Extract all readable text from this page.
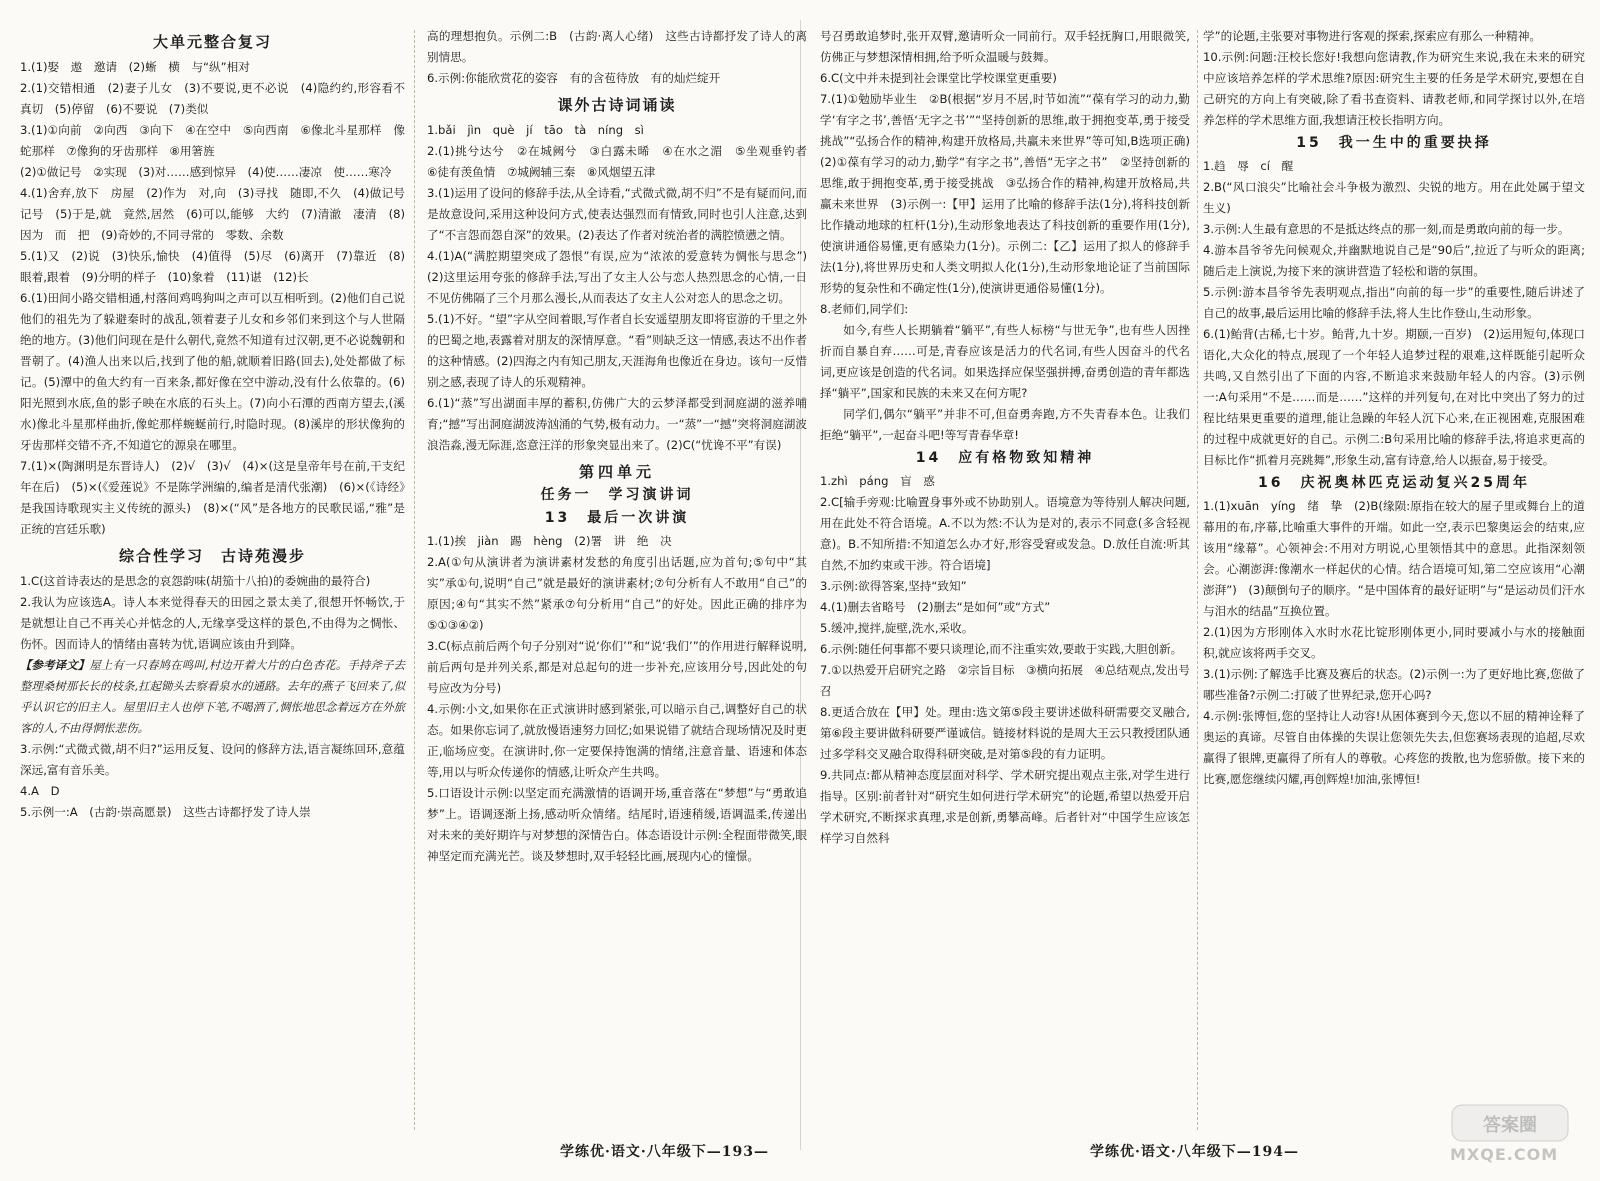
大单元整合复习

1.(1)娶　遨　邀请　(2)蜥　横　与“纵”相对

2.(1)交错相通　(2)妻子儿女　(3)不要说,更不必说　(4)隐约约,形容看不真切　(5)停留　(6)不要说　(7)类似

3.(1)①向前　②向西　③向下　④在空中　⑤向西南　⑥像北斗星那样　像蛇那样　⑦像狗的牙齿那样　⑧用箸旌

(2)①做记号　②实现　(3)对……感到惊异　(4)使……凄凉　使……寒冷

4.(1)舍弃,放下　房屋　(2)作为　对,向　(3)寻找　随即,不久　(4)做记号　记号　(5)于是,就　竟然,居然　(6)可以,能够　大约　(7)清澈　凄清　(8)因为　而　把　(9)奇妙的,不同寻常的　零数、余数

5.(1)又　(2)说　(3)快乐,愉快　(4)值得　(5)尽　(6)离开　(7)靠近　(8)眼着,跟着　(9)分明的样子　(10)象着　(11)谌　(12)长

6.(1)田间小路交错相通,村落间鸡鸣狗叫之声可以互相听到。(2)他们自己说他们的祖先为了躲避秦时的战乱,领着妻子儿女和乡邻们来到这个与人世隔绝的地方。(3)他们问现在是什么朝代,竟然不知道有过汉朝,更不必说魏朝和晋朝了。(4)渔人出来以后,找到了他的船,就顺着旧路(回去),处处都做了标记。(5)潭中的鱼大约有一百来条,都好像在空中游动,没有什么依靠的。(6)阳光照到水底,鱼的影子映在水底的石头上。(7)向小石潭的西南方望去,(溪水)像北斗星那样曲折,像蛇那样蜿蜒前行,时隐时现。(8)溪岸的形状像狗的牙齿那样交错不齐,不知道它的源泉在哪里。

7.(1)×(陶渊明是东晋诗人)　(2)√　(3)√　(4)×(这是皇帝年号在前,干支纪年在后)　(5)×(《爱莲说》不是陈学洲编的,编者是清代张潮)　(6)×(《诗经》是我国诗歌现实主义传统的源头)　(8)×(“风”是各地方的民歌民谣,“雅”是正统的宫廷乐歌)

综合性学习　古诗苑漫步

1.C(这首诗表达的是思念的哀怨韵味(胡笳十八拍)的委婉曲的最符合)

2.我认为应该选A。诗人本来觉得春天的田园之景太美了,很想开怀畅饮,于是就想让自己不再关心并惦念的人,无缘享受这样的景色,不由得为之惆怅、伤怀。因而诗人的情绪由喜转为忧,语调应该由升到降。

【参考译文】屋上有一只春鸠在鸣叫,村边开着大片的白色杏花。手持斧子去整理桑树那长长的枝条,扛起锄头去察看泉水的通路。去年的燕子飞回来了,似乎认识它的旧主人。屋里旧主人也停下笔,不喝酒了,惆怅地思念着远方在外旅客的人,不由得惘怅悲伤。

3.示例:“式微式微,胡不归?”运用反复、设问的修辞方法,语言凝练回环,意蕴深远,富有音乐美。

4.A　D

5.示例一:A　(古韵·崇高愿景)　这些古诗都抒发了诗人崇

高的理想抱负。示例二:B　(古韵·离人心绪)　这些古诗都抒发了诗人的离别情思。

6.示例:你能欣赏花的姿容　有的含苞待放　有的灿烂绽开

课外古诗词诵读

1.bǎi　jìn　què　jí　tāo　tà　níng　sì

2.(1)挑兮达兮　②在城阙兮　③白露未晞　④在水之湄　⑤坐观垂钓者　⑥徒有羡鱼情　⑦城阙辅三秦　⑧风烟望五津

3.(1)运用了设问的修辞手法,从全诗看,“式微式微,胡不归”不是有疑而问,而是故意设问,采用这种设问方式,使表达强烈而有情致,同时也引人注意,达到了“不言怨而怨自深”的效果。(2)表达了作者对统治者的满腔愤懑之情。

4.(1)A(“满腔期望突成了怨恨”有误,应为“浓浓的爱意转为惆怅与思念”)　(2)这里运用夸张的修辞手法,写出了女主人公与恋人热烈思念的心情,一日不见仿佛隔了三个月那么漫长,从而表达了女主人公对恋人的思念之切。

5.(1)不好。“望”字从空间着眼,写作者自长安遥望朋友即将宦游的千里之外的巴蜀之地,表露着对朋友的深情厚意。“看”则缺乏这一情感,表达不出作者的这种情感。(2)四海之内有知己朋友,天涯海角也像近在身边。该句一反惜别之感,表现了诗人的乐观精神。

6.(1)“蒸”写出湖面丰厚的蓄积,仿佛广大的云梦泽都受到洞庭湖的滋养哺育;“撼”写出洞庭湖波涛汹涌的气势,极有动力。一“蒸”一“撼”突将洞庭湖波浪浩淼,漫无际涯,恣意汪洋的形象突显出来了。(2)C(“忧谗不平”有误)

第四单元
任务一　学习演讲词
13　最后一次讲演

1.(1)挨　jiàn　踢　hèng　(2)署　讲　绝　决

2.A(①句从演讲者为演讲素材发愁的角度引出话题,应为首句;⑤句中“其实”承①句,说明“自己”就是最好的演讲素材;⑦句分析有人不敢用“自己”的原因;④句“其实不然”紧承⑦句分析用“自己”的好处。因此正确的排序为⑤①③④②)

3.C(标点前后两个句子分别对“说‘你们’”和“说‘我们’”的作用进行解释说明,前后两句是并列关系,都是对总起句的进一步补充,应该用分号,因此处的句号应改为分号)

4.示例:小文,如果你在正式演讲时感到紧张,可以暗示自己,调整好自己的状态。如果你忘词了,就放慢语速努力回忆;如果说错了就结合现场情况及时更正,临场应变。在演讲时,你一定要保持饱满的情绪,注意音量、语速和体态等,用以与听众传递你的情感,让听众产生共鸣。

5.口语设计示例:以坚定而充满激情的语调开场,重音落在“梦想”与“勇敢追梦”上。语调逐渐上扬,感动听众情绪。结尾时,语速稍缓,语调温柔,传递出对未来的美好期许与对梦想的深情告白。体态语设计示例:全程面带微笑,眼神坚定而充满光芒。谈及梦想时,双手轻轻比画,展现内心的憧憬。

号召勇敢追梦时,张开双臂,邀请听众一同前行。双手轻抚胸口,用眼微笑,仿佛正与梦想深情相拥,给予听众温暖与鼓舞。

6.C(文中并未提到社会课堂比学校课堂更重要)

7.(1)①勉励毕业生　②B(根据“岁月不居,时节如流”“葆有学习的动力,勤学‘有字之书’,善悟‘无字之书’”“坚持创新的思维,敢于拥抱变革,勇于接受挑战”“弘扬合作的精神,构建开放格局,共赢未来世界”等可知,B选项正确)　(2)①葆有学习的动力,勤学“有字之书”,善悟“无字之书”　②坚持创新的思维,敢于拥抱变革,勇于接受挑战　③弘扬合作的精神,构建开放格局,共赢未来世界　(3)示例一:【甲】运用了比喻的修辞手法(1分),将科技创新比作撬动地球的杠杆(1分),生动形象地表达了科技创新的重要作用(1分),使演讲通俗易懂,更有感染力(1分)。示例二:【乙】运用了拟人的修辞手法(1分),将世界历史和人类文明拟人化(1分),生动形象地论证了当前国际形势的复杂性和不确定性(1分),使演讲更通俗易懂(1分)。

8.老师们,同学们:

如今,有些人长期躺着“躺平”,有些人标榜“与世无争”,也有些人因挫折而自暴自弃……可是,青春应该是活力的代名词,有些人因奋斗的代名词,更应该是创造的代名词。如果选择应保坚强拼搏,奋勇创造的青年都选择“躺平”,国家和民族的未来又在何方呢?

同学们,偶尔“躺平”并非不可,但奋勇奔跑,方不失青春本色。让我们拒绝“躺平”,一起奋斗吧!等写青春华章!

14　应有格物致知精神

1.zhì　páng　盲　惑

2.C[输手旁观:比喻置身事外或不协助别人。语境意为等待别人解决问题,用在此处不符合语境。A.不以为然:不认为是对的,表示不同意(多含轻视意)。B.不知所措:不知道怎么办才好,形容受窘或发急。D.放任自流:听其自然,不加约束或干涉。符合语境]

3.示例:欲得答案,坚持“致知”

4.(1)删去省略号　(2)删去“是如何”或“方式”

5.缓冲,搅拌,旋壁,洗水,采收。

6.示例:随任何事都不要只谈理论,而不注重实效,要敢于实践,大胆创新。

7.①以热爱开启研究之路　②宗旨目标　③横向拓展　④总结观点,发出号召

8.更适合放在【甲】处。理由:选文第⑤段主要讲述做科研需要交叉融合,第⑥段主要讲做科研要严谨诚信。链接材料说的是周大王云只教授团队通过多学科交叉融合取得科研突破,是对第⑤段的有力证明。

9.共同点:都从精神态度层面对科学、学术研究提出观点主张,对学生进行指导。区别:前者针对“研究生如何进行学术研究”的论题,希望以热爱开启学术研究,不断探求真理,求是创新,勇攀高峰。后者针对“中国学生应该怎样学习自然科

学”的论题,主张要对事物进行客观的探索,探索应有那么一种精神。

10.示例:问题:汪校长您好!我想向您请教,作为研究生来说,我在未来的研究中应该培养怎样的学术思维?原因:研究生主要的任务是学术研究,要想在自己研究的方向上有突破,除了看书查资料、请教老师,和同学探讨以外,在培养怎样的学术思维方面,我想请汪校长指明方向。

15　我一生中的重要抉择

1.趋　辱　cí　醒

2.B(“风口浪尖”比喻社会斗争极为激烈、尖锐的地方。用在此处属于望文生义)

3.示例:人生最有意思的不是抵达终点的那一刻,而是勇敢向前的每一步。

4.游本昌爷爷先问候观众,并幽默地说自己是“90后”,拉近了与听众的距离;随后走上演说,为接下来的演讲营造了轻松和谐的氛围。

5.示例:游本昌爷爷先表明观点,指出“向前的每一步”的重要性,随后讲述了自己的故事,最后运用比喻的修辞手法,将人生比作登山,生动形象。

6.(1)鲐背(古稀,七十岁。鲐背,九十岁。期颐,一百岁)　(2)运用短句,体现口语化,大众化的特点,展现了一个年轻人追梦过程的艰难,这样既能引起听众共鸣,又自然引出了下面的内容,不断追求来鼓励年轻人的内容。(3)示例一:A句采用“不是……而是……”这样的并列复句,在对比中突出了努力的过程比结果更重要的道理,能让急躁的年轻人沉下心来,在正视困难,克服困难的过程中成就更好的自己。示例二:B句采用比喻的修辞手法,将追求更高的目标比作“抓着月亮跳舞”,形象生动,富有诗意,给人以振奋,易于接受。

16　庆祝奥林匹克运动复兴25周年

1.(1)xuān　yíng　绪　挚　(2)B(缘陨:原指在较大的屋子里或舞台上的道幕用的布,序幕,比喻重大事件的开端。如此一空,表示巴黎奥运会的结束,应该用“缘幕”。心领神会:不用对方明说,心里领悟其中的意思。此指深刻领会。心潮澎湃:像潮水一样起伏的心情。结合语境可知,第二空应该用“心潮澎湃”)　(3)颠倒句子的顺序。“是中国体育的最好证明”与“是运动员们汗水与泪水的结晶”互换位置。

2.(1)因为方形刚体入水时水花比锭形刚体更小,同时要减小与水的接触面积,就应该将两手交叉。

3.(1)示例:了解选手比赛及赛后的状态。(2)示例一:为了更好地比赛,您做了哪些准备?示例二:打破了世界纪录,您开心吗?

4.示例:张博恒,您的坚持让人动容!从困体赛到今天,您以不屈的精神诠释了奥运的真谛。尽管自由体操的失误让您领先失去,但您赛场表现的追超,尽欢赢得了银牌,更赢得了所有人的尊敬。心疼您的拨散,也为您骄傲。接下来的比赛,愿您继续闪耀,再创辉煌!加油,张博恒!

学练优·语文·八年级下—193—	学练优·语文·八年级下—194—
答案圈
MXQE.COM
